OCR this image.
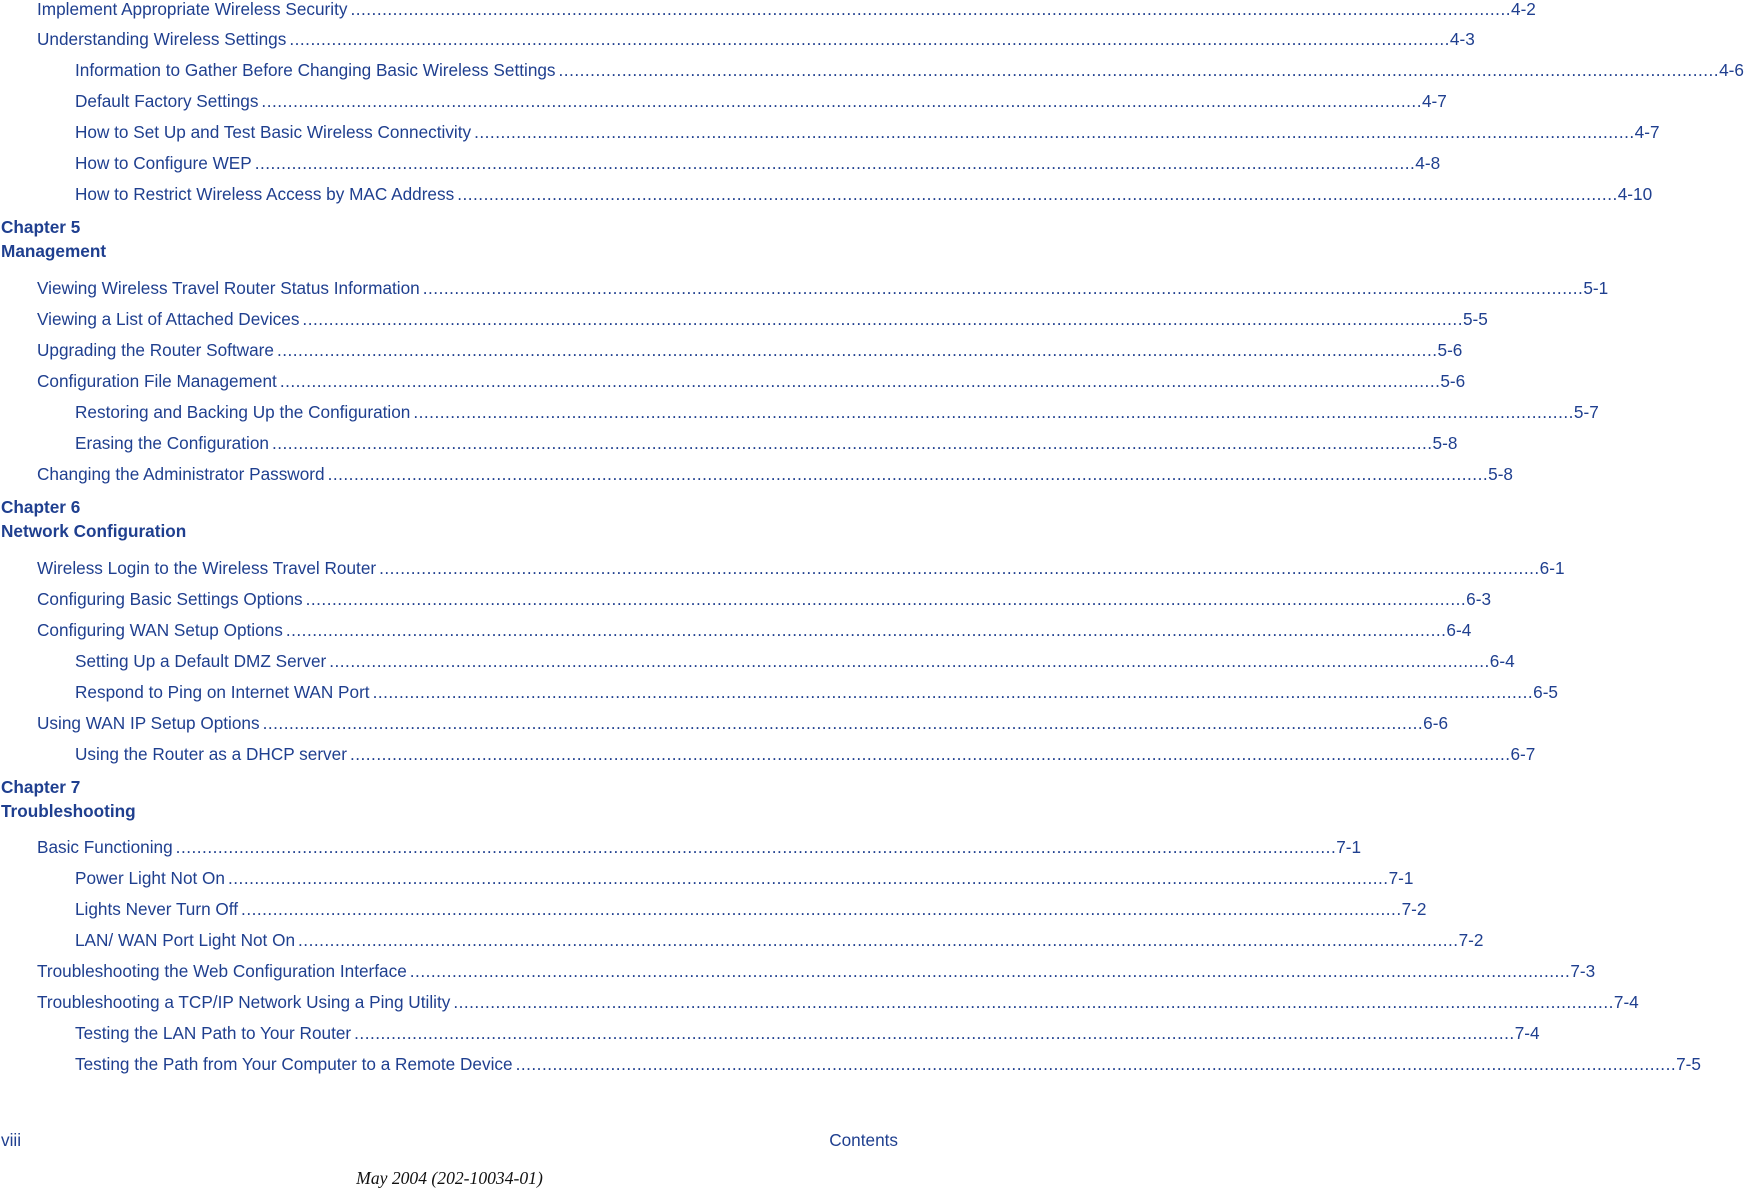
Implement Appropriate Wireless Security ............................................................................................................................................................................................................................ 4-2
Understanding Wireless Settings ............................................................................................................................................................................................................................ 4-3
Information to Gather Before Changing Basic Wireless Settings ............................................................................................................................................................................................................................ 4-6
Default Factory Settings ............................................................................................................................................................................................................................ 4-7
How to Set Up and Test Basic Wireless Connectivity ............................................................................................................................................................................................................................ 4-7
How to Configure WEP ............................................................................................................................................................................................................................ 4-8
How to Restrict Wireless Access by MAC Address ............................................................................................................................................................................................................................ 4-10
Chapter 5
Management
Viewing Wireless Travel Router Status Information ............................................................................................................................................................................................................................ 5-1
Viewing a List of Attached Devices ............................................................................................................................................................................................................................ 5-5
Upgrading the Router Software ............................................................................................................................................................................................................................ 5-6
Configuration File Management ............................................................................................................................................................................................................................ 5-6
Restoring and Backing Up the Configuration ............................................................................................................................................................................................................................ 5-7
Erasing the Configuration ............................................................................................................................................................................................................................ 5-8
Changing the Administrator Password ............................................................................................................................................................................................................................ 5-8
Chapter 6
Network Configuration
Wireless Login to the Wireless Travel Router ............................................................................................................................................................................................................................ 6-1
Configuring Basic Settings Options ............................................................................................................................................................................................................................ 6-3
Configuring WAN Setup Options ............................................................................................................................................................................................................................ 6-4
Setting Up a Default DMZ Server ............................................................................................................................................................................................................................ 6-4
Respond to Ping on Internet WAN Port ............................................................................................................................................................................................................................ 6-5
Using WAN IP Setup Options ............................................................................................................................................................................................................................ 6-6
Using the Router as a DHCP server ............................................................................................................................................................................................................................ 6-7
Chapter 7
Troubleshooting
Basic Functioning ............................................................................................................................................................................................................................ 7-1
Power Light Not On ............................................................................................................................................................................................................................ 7-1
Lights Never Turn Off ............................................................................................................................................................................................................................ 7-2
LAN/ WAN Port Light Not On ............................................................................................................................................................................................................................ 7-2
Troubleshooting the Web Configuration Interface ............................................................................................................................................................................................................................ 7-3
Troubleshooting a TCP/IP Network Using a Ping Utility ............................................................................................................................................................................................................................ 7-4
Testing the LAN Path to Your Router ............................................................................................................................................................................................................................ 7-4
Testing the Path from Your Computer to a Remote Device ............................................................................................................................................................................................................................ 7-5
viii	Contents
May 2004 (202-10034-01)
